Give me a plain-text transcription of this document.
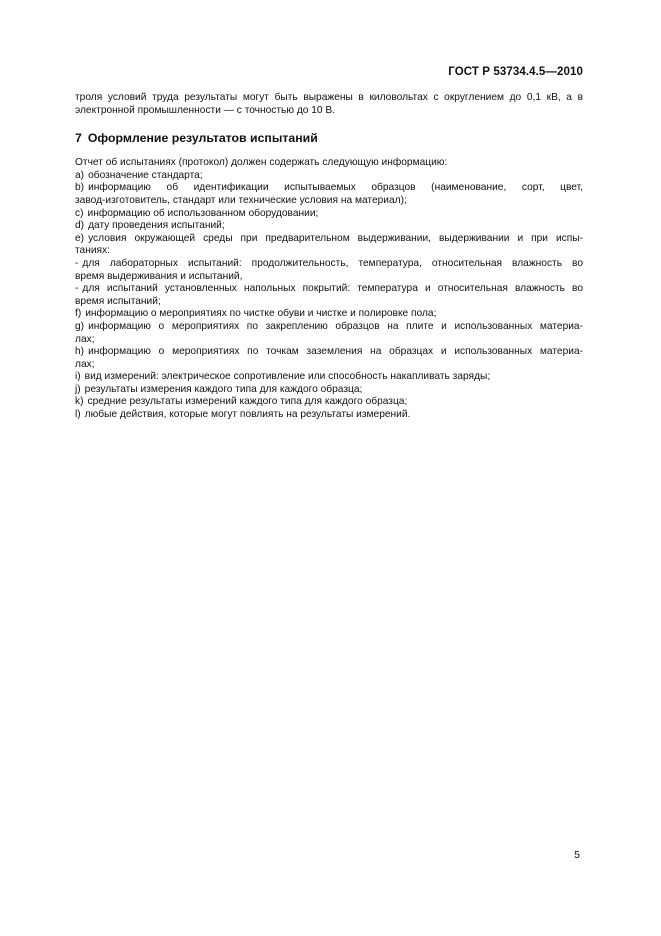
ГОСТ Р 53734.4.5—2010

троля условий труда результаты могут быть выражены в киловольтах с округлением до 0,1 кВ, а в
электронной промышленности — с точностью до 10 В.

7 Оформление результатов испытаний
Отчет об испытаниях (протокол) должен содержать следующую информацию:
а) обозначение стандарта;
b) информацию об идентификации испытываемых образцов (наименование, сорт, цвет,
завод-изготовитель, стандарт или технические условия на материал);
с) информацию об использованном оборудовании;
d) дату проведения испытаний;
е) условия окружающей среды при предварительном выдерживании, выдерживании и при испы-
таниях:
- для лабораторных испытаний: продолжительность, температура, относительная влажность во
время выдерживания и испытаний,
- для испытаний установленных напольных покрытий: температура и относительная влажность во
время испытаний;
f) информацию о мероприятиях по чистке обуви и чистке и полировке пола;
g) информацию о мероприятиях по закреплению образцов на плите и использованных материа-
лах;
h) информацию о мероприятиях по точкам заземления на образцах и использованных материа-
лах;
i) вид измерений: электрическое сопротивление или способность накапливать заряды;
j) результаты измерения каждого типа для каждого образца;
k) средние результаты измерений каждого типа для каждого образца;
l) любые действия, которые могут повлиять на результаты измерений.
5
